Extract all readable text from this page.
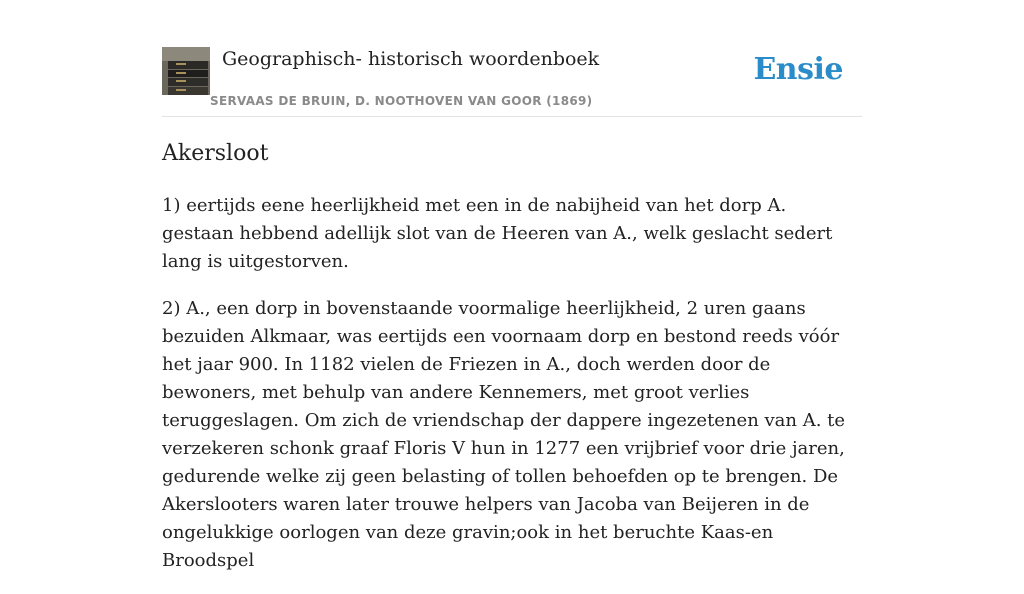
Geographisch- historisch woordenboek
SERVAAS DE BRUIN, D. NOOTHOVEN VAN GOOR (1869)
Ensie
Akersloot

1) eertijds eene heerlijkheid met een in de nabijheid van het dorp A. gestaan hebbend adellijk slot van de Heeren van A., welk geslacht sedert lang is uitgestorven.

2) A., een dorp in bovenstaande voormalige heerlijkheid, 2 uren gaans bezuiden Alkmaar, was eertijds een voornaam dorp en bestond reeds vóór het jaar 900. In 1182 vielen de Friezen in A., doch werden door de bewoners, met behulp van andere Kennemers, met groot verlies teruggeslagen. Om zich de vriendschap der dappere ingezetenen van A. te verzekeren schonk graaf Floris V hun in 1277 een vrijbrief voor drie jaren, gedurende welke zij geen belasting of tollen behoefden op te brengen. De Akerslooters waren later trouwe helpers van Jacoba van Beijeren in de ongelukkige oorlogen van deze gravin;ook in het beruchte Kaas-en Broodspel
